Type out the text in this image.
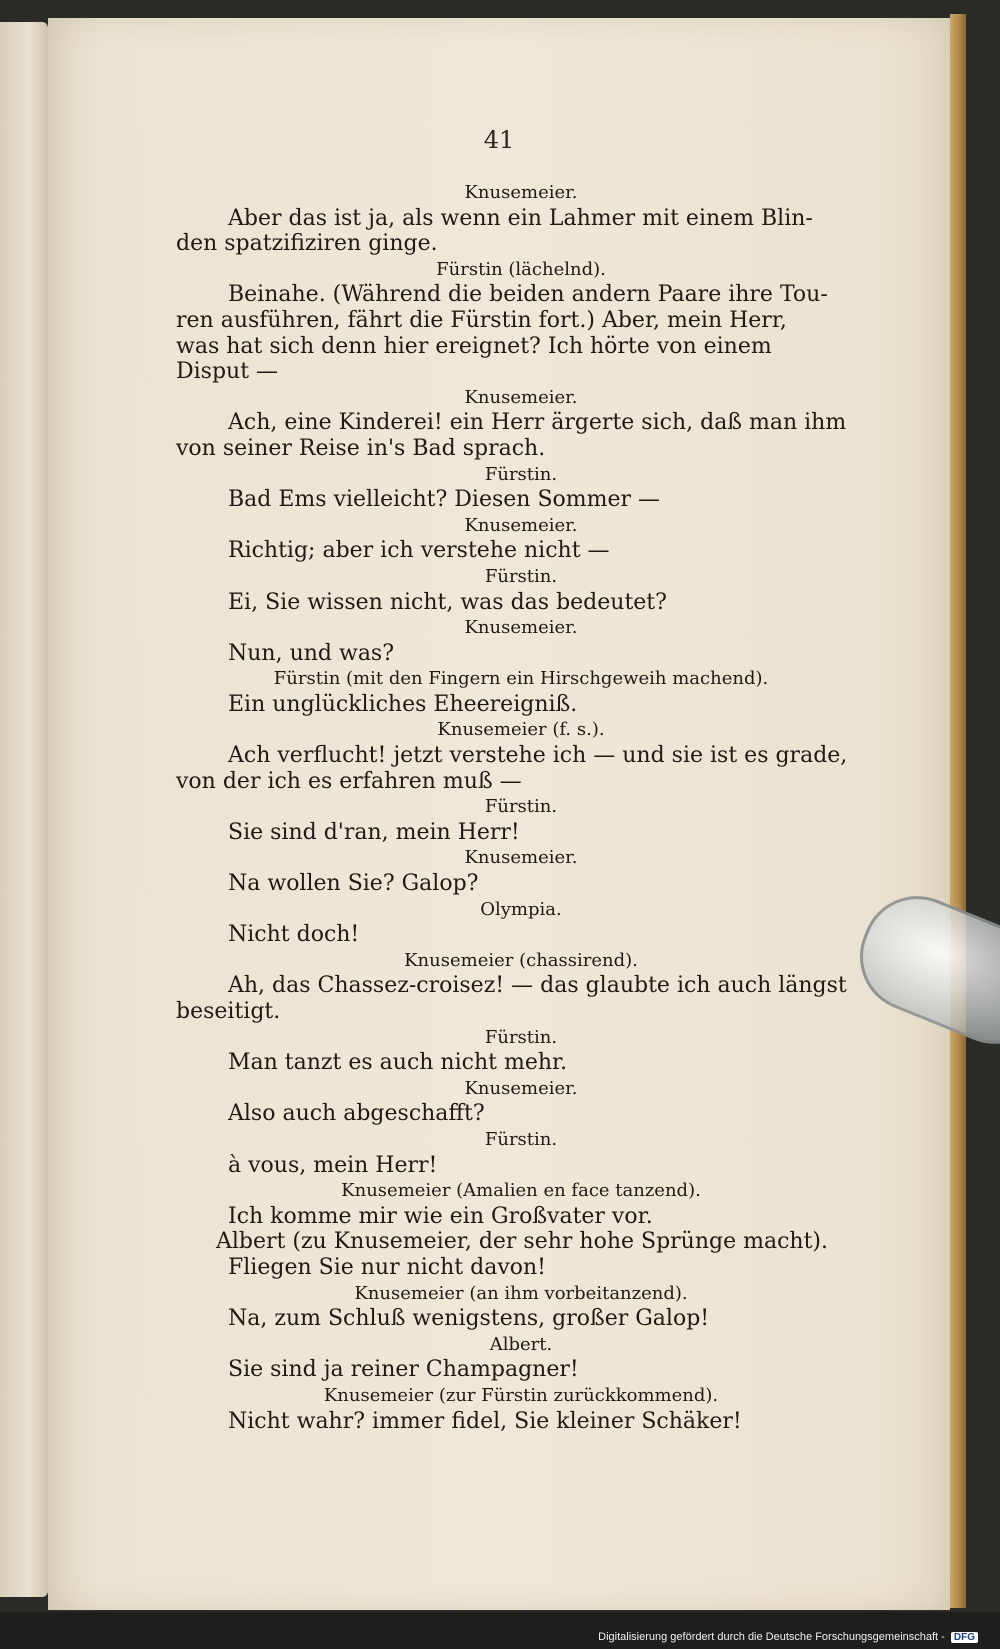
41
Knusemeier.
Aber das ist ja, als wenn ein Lahmer mit einem Blin-
den spatzifiziren ginge.
Fürstin (lächelnd).
Beinahe. (Während die beiden andern Paare ihre Tou-
ren ausführen, fährt die Fürstin fort.) Aber, mein Herr,
was hat sich denn hier ereignet? Ich hörte von einem
Disput —
Knusemeier.
Ach, eine Kinderei! ein Herr ärgerte sich, daß man ihm
von seiner Reise in's Bad sprach.
Fürstin.
Bad Ems vielleicht? Diesen Sommer —
Knusemeier.
Richtig; aber ich verstehe nicht —
Fürstin.
Ei, Sie wissen nicht, was das bedeutet?
Knusemeier.
Nun, und was?
Fürstin (mit den Fingern ein Hirschgeweih machend).
Ein unglückliches Eheereigniß.
Knusemeier (f. s.).
Ach verflucht! jetzt verstehe ich — und sie ist es grade,
von der ich es erfahren muß —
Fürstin.
Sie sind d'ran, mein Herr!
Knusemeier.
Na wollen Sie? Galop?
Olympia.
Nicht doch!
Knusemeier (chassirend).
Ah, das Chassez-croisez! — das glaubte ich auch längst
beseitigt.
Fürstin.
Man tanzt es auch nicht mehr.
Knusemeier.
Also auch abgeschafft?
Fürstin.
à vous, mein Herr!
Knusemeier (Amalien en face tanzend).
Ich komme mir wie ein Großvater vor.
Albert (zu Knusemeier, der sehr hohe Sprünge macht).
Fliegen Sie nur nicht davon!
Knusemeier (an ihm vorbeitanzend).
Na, zum Schluß wenigstens, großer Galop!
Albert.
Sie sind ja reiner Champagner!
Knusemeier (zur Fürstin zurückkommend).
Nicht wahr? immer fidel, Sie kleiner Schäker!
Digitalisierung gefördert durch die Deutsche Forschungsgemeinschaft - DFG
